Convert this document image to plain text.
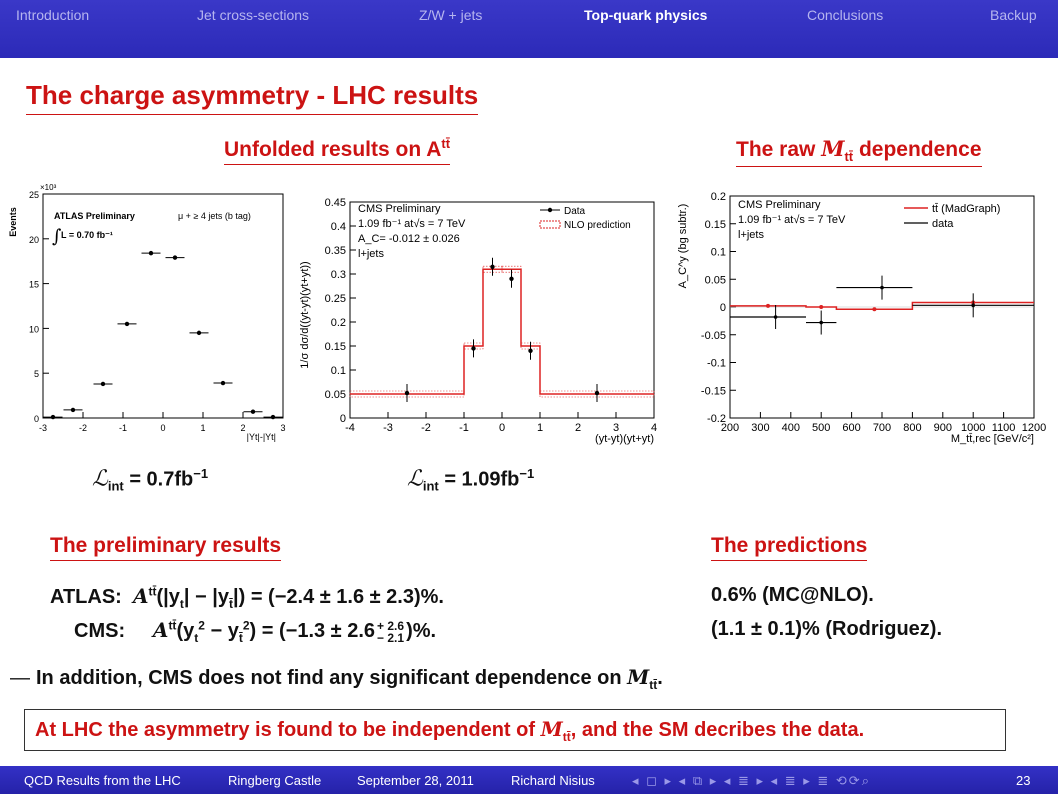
Introduction	Jet cross-sections	Z/W + jets	Top-quark physics	Conclusions	Backup
The charge asymmetry - LHC results
Unfolded results on $A^{tt̄}$	The raw $M_{tt̄}$ dependence
-3	-2	-1	0	1	2	3
0
5
10
15
20
25
×10³
Events
|Yt|-|Yt|
ATLAS Preliminary	μ + ≥ 4 jets (b tag)
L = 0.70 fb⁻¹
∫
-4	-3	-2	-1	0	1	2	3	4
0
0.05
0.1
0.15
0.2
0.25
0.3
0.35
0.4
0.45
1/σ dσ/d((yt-yt)(yt+yt))
(yt-yt)(yt+yt)
CMS Preliminary
1.09 fb⁻¹ at√s = 7 TeV
A_C= -0.012 ± 0.026
l+jets
Data
NLO prediction
200 300 400 500 600 700 800 900 1000 1100 1200
-0.2
-0.15
-0.1
-0.05
0
0.05
0.1
0.15
0.2
A_C^y (bg subtr.)
M_tt̄,rec [GeV/c²]
CMS Preliminary
1.09 fb⁻¹ at√s = 7 TeV
l+jets
tt̄ (MadGraph)
data
ℒ$_{int}$ = $0.7fb^{-1}$	ℒ$_{int}$ = $1.09fb^{-1}$
The preliminary results	The predictions
ATLAS: $A^{tt̄}(|y_t| - |y_{t̄}|) = (-2.4 \pm 1.6 \pm 2.3)\%$.
CMS: $A^{tt̄}(y_t^2 - y_{t̄}^2) = (-1.3 \pm 2.6 + 2.6$
− 2.1 )%.
0.6% (MC@NLO).
(1.1 ± 0.1)% (Rodriguez).
— In addition, CMS does not find any significant dependence on $M_{tt̄}$.
At LHC the asymmetry is found to be independent of $M_{tt̄}$, and the SM decribes the data.
QCD Results from the LHC	Ringberg Castle	September 28, 2011	Richard Nisius	◂ ◻ ▸ ◂ ⧉ ▸ ◂ ≣ ▸ ◂ ≣ ▸ ≣ ⟲⟳⌕	23
